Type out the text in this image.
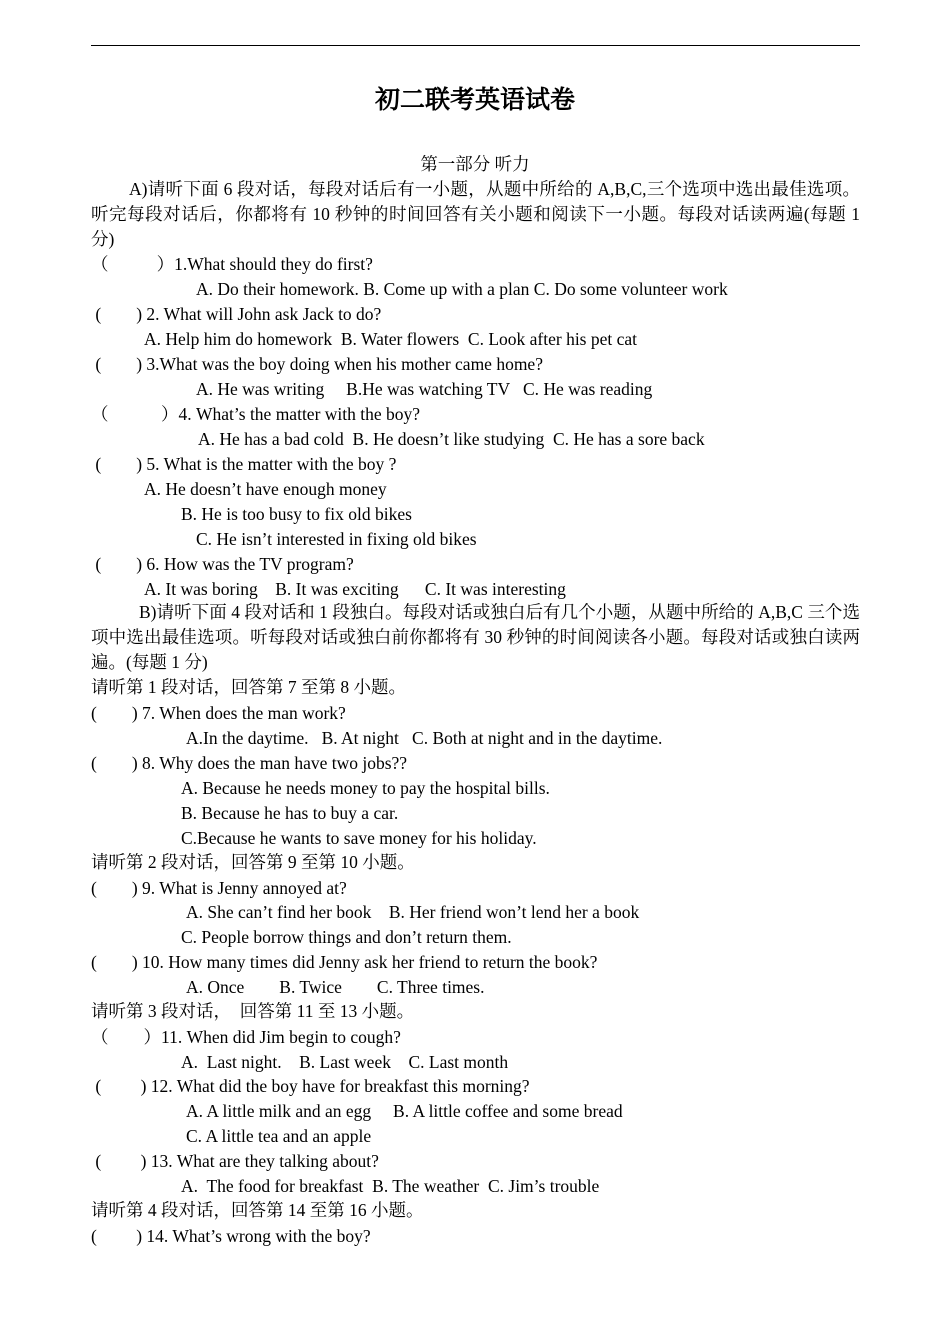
初二联考英语试卷
第一部分 听力
A)请听下面 6 段对话，每段对话后有一小题，从题中所给的 A,B,C,三个选项中选出最佳选项。听完每段对话后，你都将有 10 秒钟的时间回答有关小题和阅读下一小题。每段对话读两遍(每题 1 分)
（           ）1.What should they do first?
A. Do their homework. B. Come up with a plan C. Do some volunteer work
(        ) 2. What will John ask Jack to do?
A. Help him do homework  B. Water flowers  C. Look after his pet cat
(        ) 3.What was the boy doing when his mother came home?
A. He was writing     B.He was watching TV   C. He was reading
（            ）4. What’s the matter with the boy?
A. He has a bad cold  B. He doesn’t like studying  C. He has a sore back
(        ) 5. What is the matter with the boy ?
A. He doesn’t have enough money
B. He is too busy to fix old bikes
C. He isn’t interested in fixing old bikes
(        ) 6. How was the TV program?
A. It was boring    B. It was exciting      C. It was interesting
B)请听下面 4 段对话和 1 段独白。每段对话或独白后有几个小题，从题中所给的 A,B,C 三个选项中选出最佳选项。听每段对话或独白前你都将有 30 秒钟的时间阅读各小题。每段对话或独白读两遍。(每题 1 分)
请听第 1 段对话，回答第 7 至第 8 小题。
(        ) 7. When does the man work?
A.In the daytime.   B. At night   C. Both at night and in the daytime.
(        ) 8. Why does the man have two jobs??
A. Because he needs money to pay the hospital bills.
B. Because he has to buy a car.
C.Because he wants to save money for his holiday.
请听第 2 段对话，回答第 9 至第 10 小题。
(        ) 9. What is Jenny annoyed at?
A. She can’t find her book    B. Her friend won’t lend her a book
C. People borrow things and don’t return them.
(        ) 10. How many times did Jenny ask her friend to return the book?
A. Once        B. Twice        C. Three times.
请听第 3 段对话，  回答第 11 至 13 小题。
（        ）11. When did Jim begin to cough?
A.  Last night.    B. Last week    C. Last month
(         ) 12. What did the boy have for breakfast this morning?
A. A little milk and an egg     B. A little coffee and some bread
C. A little tea and an apple
(         ) 13. What are they talking about?
A.  The food for breakfast  B. The weather  C. Jim’s trouble
请听第 4 段对话，回答第 14 至第 16 小题。
(         ) 14. What’s wrong with the boy?
